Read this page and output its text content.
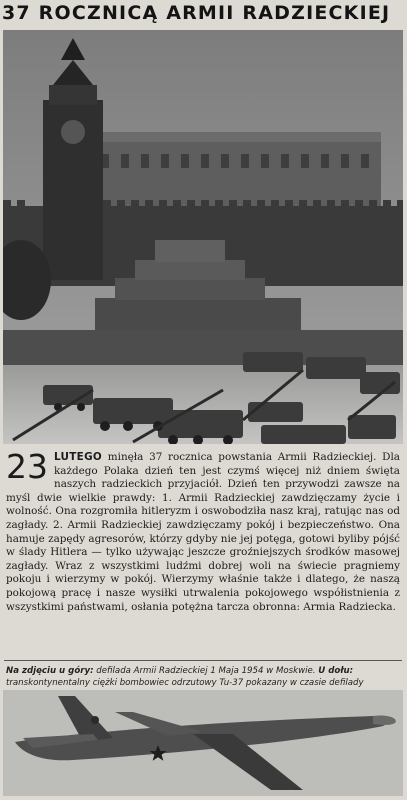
37 ROCZNICĄ ARMII RADZIECKIEJ
23 LUTEGO minęła 37 rocznica powstania Armii Radzieckiej. Dla każdego Polaka dzień ten jest czymś więcej niż dniem święta naszych radzieckich przyjaciół. Dzień ten przywodzi zawsze na myśl dwie wielkie prawdy: 1. Armii Radzieckiej zawdzięczamy życie i wolność. Ona rozgromiła hitleryzm i oswobodziła nasz kraj, ratując nas od zagłady. 2. Armii Radzieckiej zawdzięczamy pokój i bezpieczeństwo. Ona hamuje zapędy agresorów, którzy gdyby nie jej potęga, gotowi byliby pójść w ślady Hitlera — tylko używając jeszcze groźniejszych środków masowej zagłady. Wraz z wszystkimi ludźmi dobrej woli na świecie pragniemy pokoju i wierzymy w pokój. Wierzymy właśnie także i dlatego, że naszą pokojową pracę i nasze wysiłki utrwalenia pokojowego współistnienia z wszystkimi państwami, osłania potężna tarcza obronna: Armia Radziecka.
Na zdjęciu u góry: defilada Armii Radzieckiej 1 Maja 1954 w Moskwie. U dołu: transkontynentalny ciężki bombowiec odrzutowy Tu-37 pokazany w czasie defilady
